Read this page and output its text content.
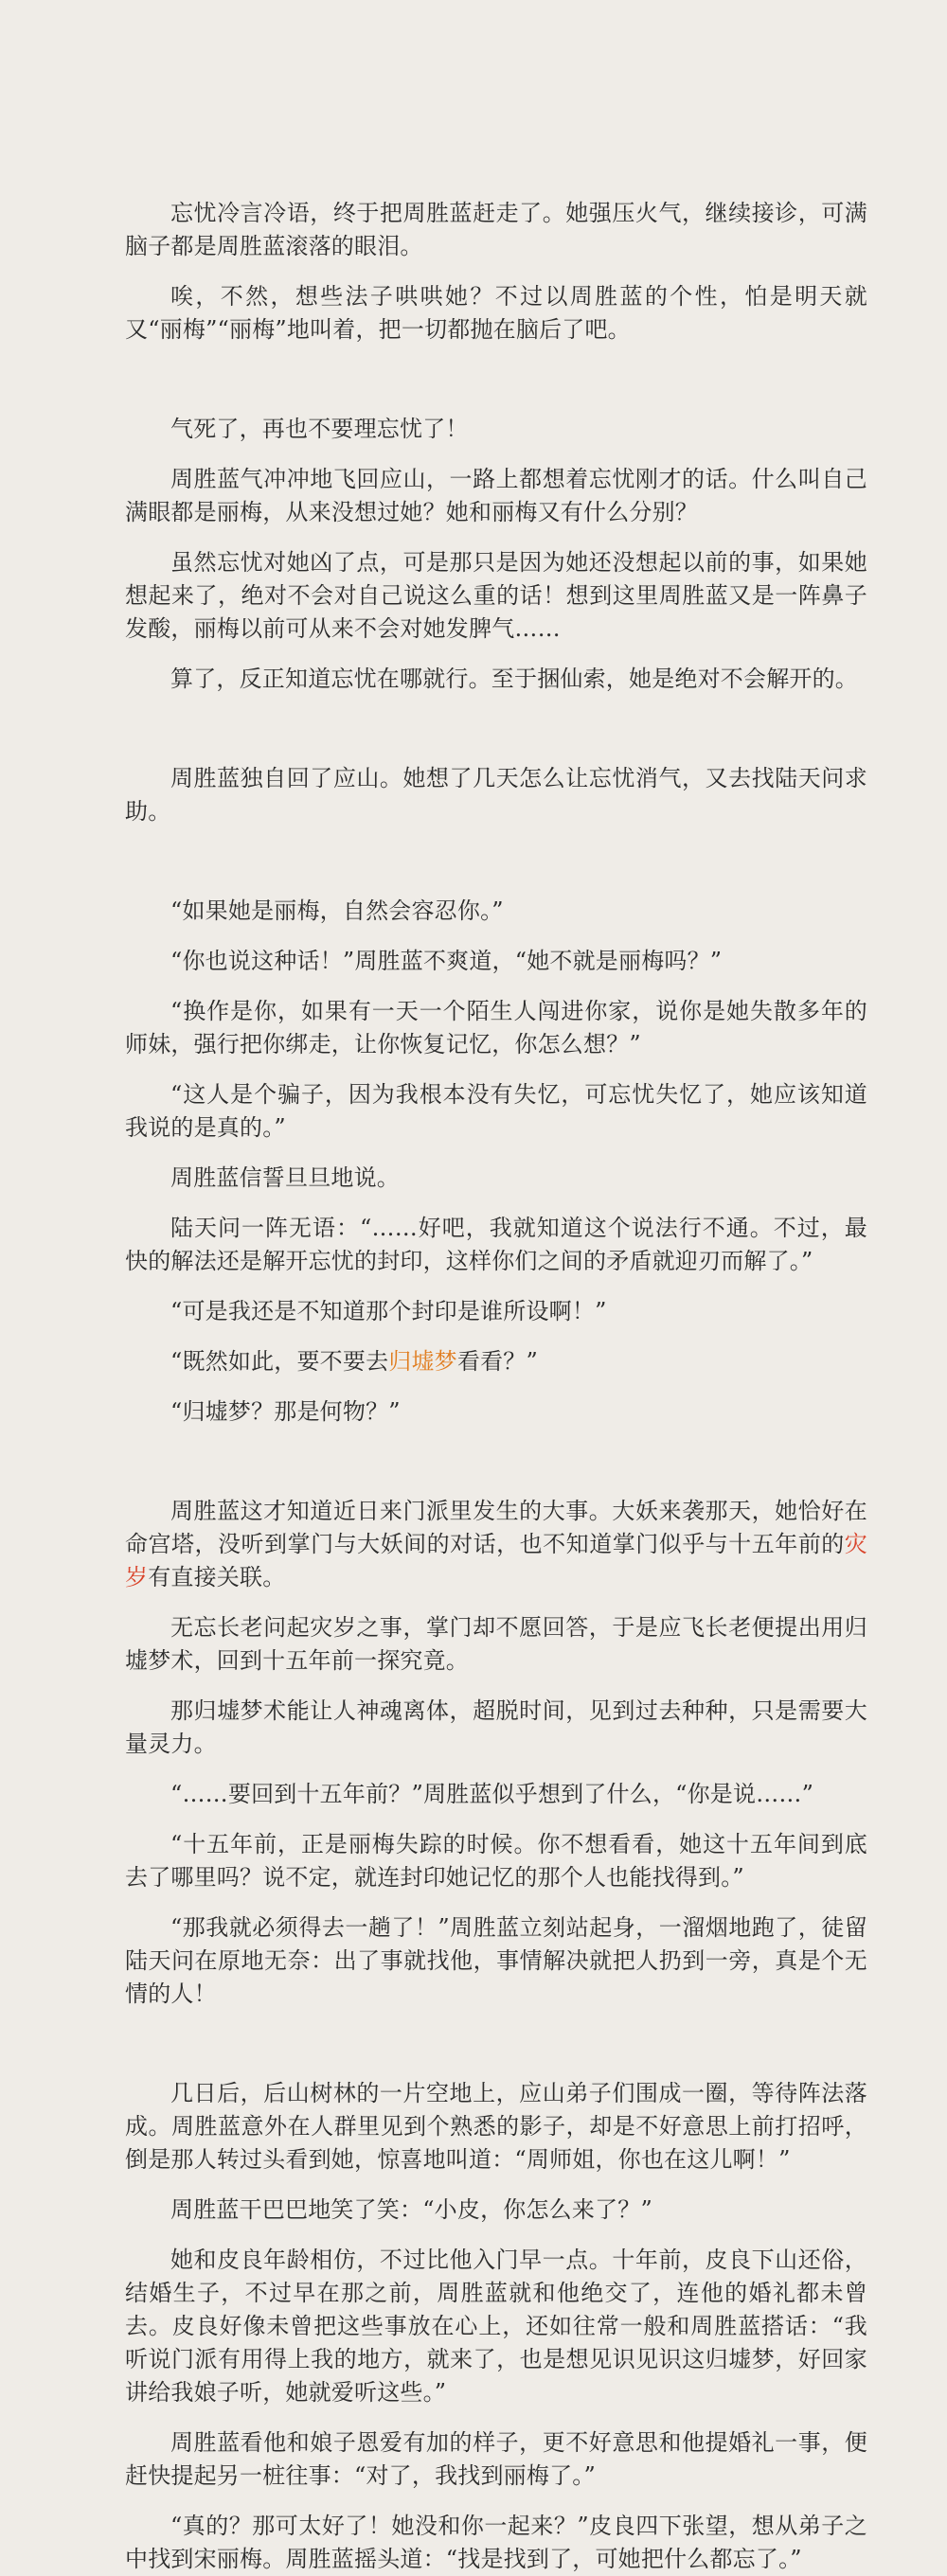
忘忧冷言冷语，终于把周胜蓝赶走了。她强压火气，继续接诊，可满脑子都是周胜蓝滚落的眼泪。

唉，不然，想些法子哄哄她？不过以周胜蓝的个性，怕是明天就又“丽梅”“丽梅”地叫着，把一切都抛在脑后了吧。

气死了，再也不要理忘忧了！

周胜蓝气冲冲地飞回应山，一路上都想着忘忧刚才的话。什么叫自己满眼都是丽梅，从来没想过她？她和丽梅又有什么分别？

虽然忘忧对她凶了点，可是那只是因为她还没想起以前的事，如果她想起来了，绝对不会对自己说这么重的话！想到这里周胜蓝又是一阵鼻子发酸，丽梅以前可从来不会对她发脾气……

算了，反正知道忘忧在哪就行。至于捆仙索，她是绝对不会解开的。

周胜蓝独自回了应山。她想了几天怎么让忘忧消气，又去找陆天问求助。

“如果她是丽梅，自然会容忍你。”

“你也说这种话！”周胜蓝不爽道，“她不就是丽梅吗？”

“换作是你，如果有一天一个陌生人闯进你家，说你是她失散多年的师妹，强行把你绑走，让你恢复记忆，你怎么想？”

“这人是个骗子，因为我根本没有失忆，可忘忧失忆了，她应该知道我说的是真的。”

周胜蓝信誓旦旦地说。

陆天问一阵无语：“……好吧，我就知道这个说法行不通。不过，最快的解法还是解开忘忧的封印，这样你们之间的矛盾就迎刃而解了。”

“可是我还是不知道那个封印是谁所设啊！”

“既然如此，要不要去归墟梦看看？”

“归墟梦？那是何物？”

周胜蓝这才知道近日来门派里发生的大事。大妖来袭那天，她恰好在命宫塔，没听到掌门与大妖间的对话，也不知道掌门似乎与十五年前的灾岁有直接关联。

无忘长老问起灾岁之事，掌门却不愿回答，于是应飞长老便提出用归墟梦术，回到十五年前一探究竟。

那归墟梦术能让人神魂离体，超脱时间，见到过去种种，只是需要大量灵力。

“……要回到十五年前？”周胜蓝似乎想到了什么，“你是说……”

“十五年前，正是丽梅失踪的时候。你不想看看，她这十五年间到底去了哪里吗？说不定，就连封印她记忆的那个人也能找得到。”

“那我就必须得去一趟了！”周胜蓝立刻站起身，一溜烟地跑了，徒留陆天问在原地无奈：出了事就找他，事情解决就把人扔到一旁，真是个无情的人！

几日后，后山树林的一片空地上，应山弟子们围成一圈，等待阵法落成。周胜蓝意外在人群里见到个熟悉的影子，却是不好意思上前打招呼，倒是那人转过头看到她，惊喜地叫道：“周师姐，你也在这儿啊！”

周胜蓝干巴巴地笑了笑：“小皮，你怎么来了？”

她和皮良年龄相仿，不过比他入门早一点。十年前，皮良下山还俗，结婚生子，不过早在那之前，周胜蓝就和他绝交了，连他的婚礼都未曾去。皮良好像未曾把这些事放在心上，还如往常一般和周胜蓝搭话：“我听说门派有用得上我的地方，就来了，也是想见识见识这归墟梦，好回家讲给我娘子听，她就爱听这些。”

周胜蓝看他和娘子恩爱有加的样子，更不好意思和他提婚礼一事，便赶快提起另一桩往事：“对了，我找到丽梅了。”

“真的？那可太好了！她没和你一起来？”皮良四下张望，想从弟子之中找到宋丽梅。周胜蓝摇头道：“找是找到了，可她把什么都忘了。”
